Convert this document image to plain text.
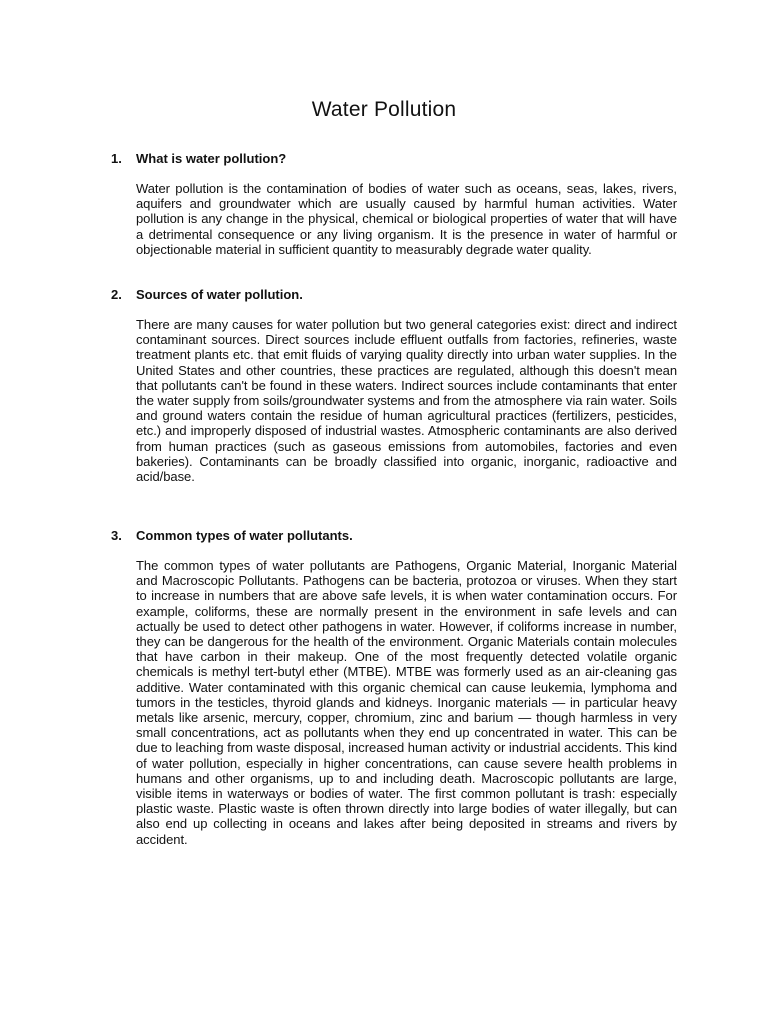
Water Pollution
1.	What is water pollution?

Water pollution is the contamination of bodies of water such as oceans, seas, lakes, rivers, aquifers and groundwater which are usually caused by harmful human activities. Water pollution is any change in the physical, chemical or biological properties of water that will have a detrimental consequence or any living organism. It is the presence in water of harmful or objectionable material in sufficient quantity to measurably degrade water quality.

2.	Sources of water pollution.

There are many causes for water pollution but two general categories exist: direct and indirect contaminant sources. Direct sources include effluent outfalls from factories, refineries, waste treatment plants etc. that emit fluids of varying quality directly into urban water supplies. In the United States and other countries, these practices are regulated, although this doesn't mean that pollutants can't be found in these waters. Indirect sources include contaminants that enter the water supply from soils/groundwater systems and from the atmosphere via rain water. Soils and ground waters contain the residue of human agricultural practices (fertilizers, pesticides, etc.) and improperly disposed of industrial wastes. Atmospheric contaminants are also derived from human practices (such as gaseous emissions from automobiles, factories and even bakeries). Contaminants can be broadly classified into organic, inorganic, radioactive and acid/base.

3.	Common types of water pollutants.

The common types of water pollutants are Pathogens, Organic Material, Inorganic Material and Macroscopic Pollutants. Pathogens can be bacteria, protozoa or viruses. When they start to increase in numbers that are above safe levels, it is when water contamination occurs. For example, coliforms, these are normally present in the environment in safe levels and can actually be used to detect other pathogens in water. However, if coliforms increase in number, they can be dangerous for the health of the environment. Organic Materials contain molecules that have carbon in their makeup. One of the most frequently detected volatile organic chemicals is methyl tert-butyl ether (MTBE). MTBE was formerly used as an air-cleaning gas additive. Water contaminated with this organic chemical can cause leukemia, lymphoma and tumors in the testicles, thyroid glands and kidneys. Inorganic materials — in particular heavy metals like arsenic, mercury, copper, chromium, zinc and barium — though harmless in very small concentrations, act as pollutants when they end up concentrated in water. This can be due to leaching from waste disposal, increased human activity or industrial accidents. This kind of water pollution, especially in higher concentrations, can cause severe health problems in humans and other organisms, up to and including death. Macroscopic pollutants are large, visible items in waterways or bodies of water. The first common pollutant is trash: especially plastic waste. Plastic waste is often thrown directly into large bodies of water illegally, but can also end up collecting in oceans and lakes after being deposited in streams and rivers by accident.
